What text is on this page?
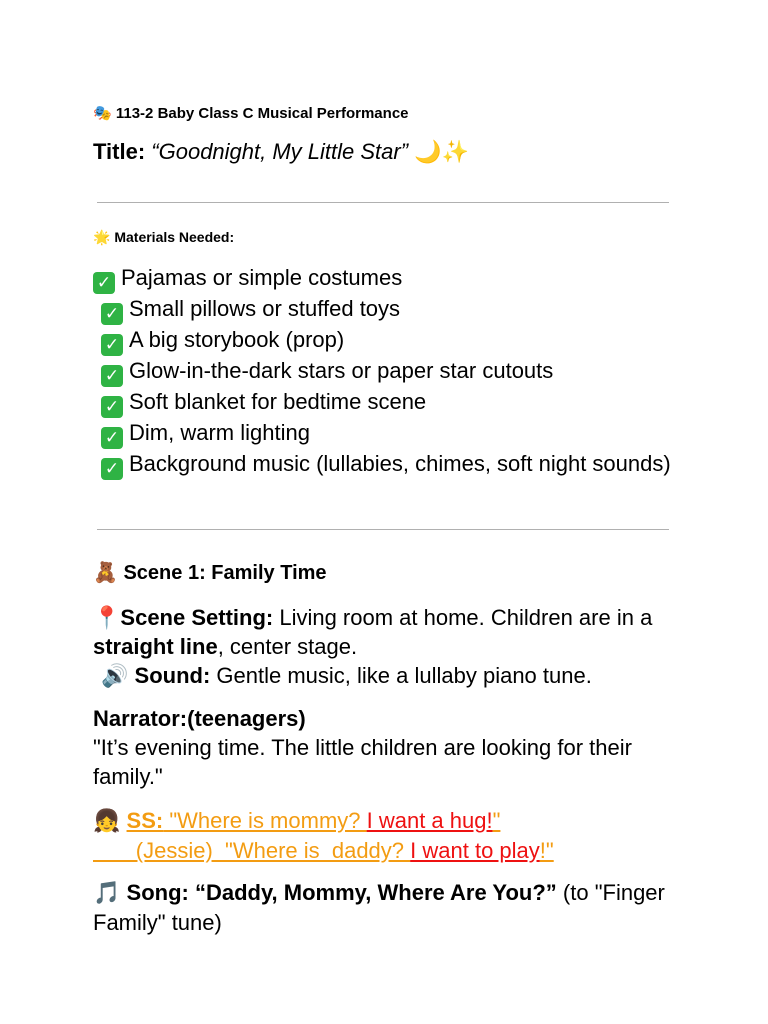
🎭 113-2 Baby Class C Musical Performance
Title: “Goodnight, My Little Star” 🌙✨
🌟 Materials Needed:
✓ Pajamas or simple costumes
✓ Small pillows or stuffed toys
✓ A big storybook (prop)
✓ Glow-in-the-dark stars or paper star cutouts
✓ Soft blanket for bedtime scene
✓ Dim, warm lighting
✓ Background music (lullabies, chimes, soft night sounds)
🧸 Scene 1: Family Time
📍Scene Setting: Living room at home. Children are in a straight line, center stage.
🔊 Sound: Gentle music, like a lullaby piano tune.
Narrator:(teenagers)
"It’s evening time. The little children are looking for their family."
👧 SS: "Where is mommy? I want a hug!"
(Jessie)  "Where is  daddy? I want to play!"
🎵 Song: “Daddy, Mommy, Where Are You?” (to "Finger Family" tune)
